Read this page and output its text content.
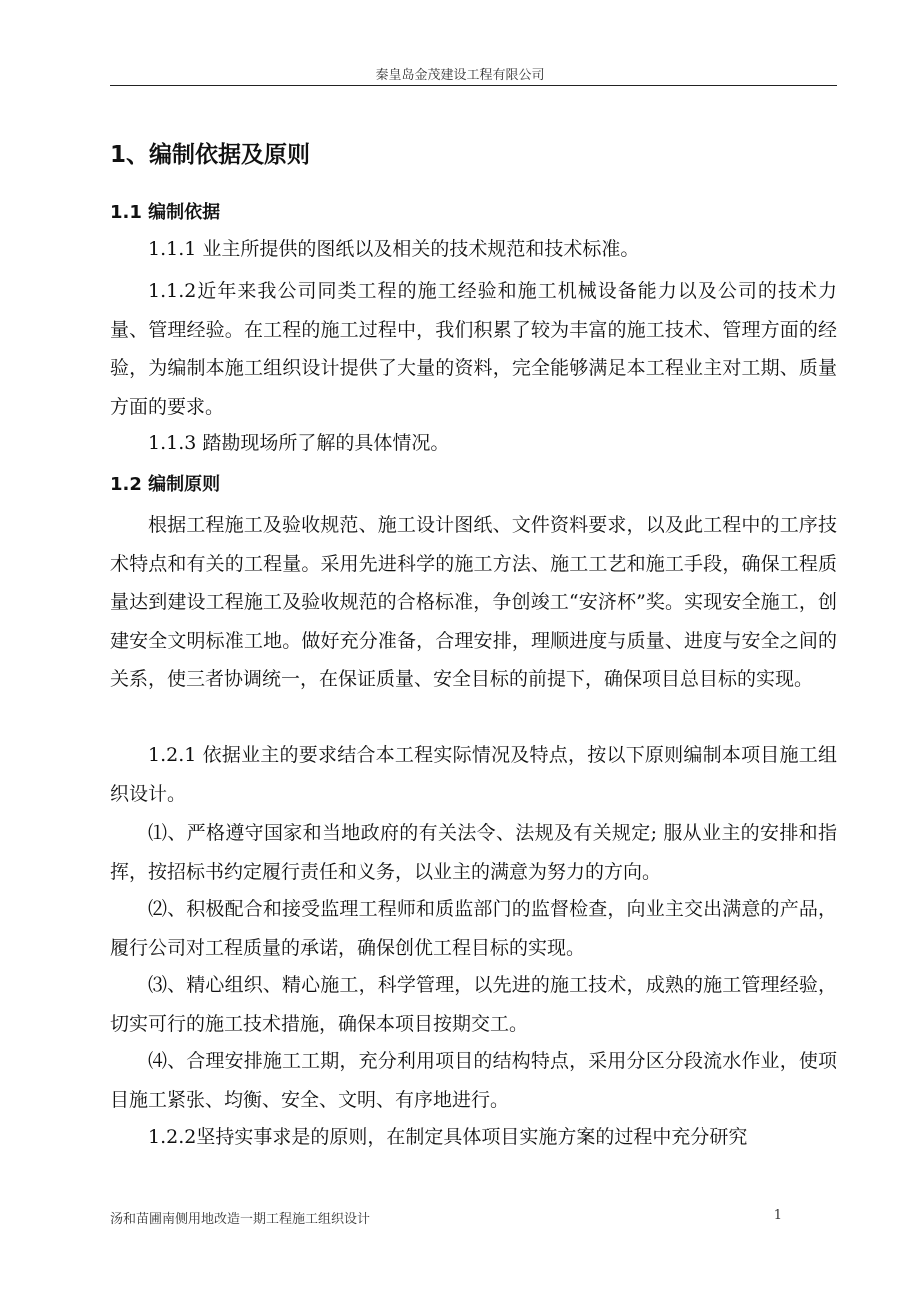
秦皇岛金茂建设工程有限公司
1、编制依据及原则
1.1 编制依据

1.1.1 业主所提供的图纸以及相关的技术规范和技术标准。

1.1.2近年来我公司同类工程的施工经验和施工机械设备能力以及公司的技术力量、管理经验。在工程的施工过程中，我们积累了较为丰富的施工技术、管理方面的经验，为编制本施工组织设计提供了大量的资料，完全能够满足本工程业主对工期、质量方面的要求。

1.1.3 踏勘现场所了解的具体情况。

1.2 编制原则

根据工程施工及验收规范、施工设计图纸、文件资料要求，以及此工程中的工序技术特点和有关的工程量。采用先进科学的施工方法、施工工艺和施工手段，确保工程质量达到建设工程施工及验收规范的合格标准，争创竣工“安济杯”奖。实现安全施工，创建安全文明标准工地。做好充分准备，合理安排，理顺进度与质量、进度与安全之间的关系，使三者协调统一，在保证质量、安全目标的前提下，确保项目总目标的实现。

1.2.1 依据业主的要求结合本工程实际情况及特点，按以下原则编制本项目施工组织设计。

⑴、严格遵守国家和当地政府的有关法令、法规及有关规定; 服从业主的安排和指挥，按招标书约定履行责任和义务，以业主的满意为努力的方向。

⑵、积极配合和接受监理工程师和质监部门的监督检查，向业主交出满意的产品，履行公司对工程质量的承诺，确保创优工程目标的实现。

⑶、精心组织、精心施工，科学管理，以先进的施工技术，成熟的施工管理经验，切实可行的施工技术措施，确保本项目按期交工。

⑷、合理安排施工工期，充分利用项目的结构特点，采用分区分段流水作业，使项目施工紧张、均衡、安全、文明、有序地进行。

1.2.2坚持实事求是的原则，在制定具体项目实施方案的过程中充分研究

汤和苗圃南侧用地改造一期工程施工组织设计	1
